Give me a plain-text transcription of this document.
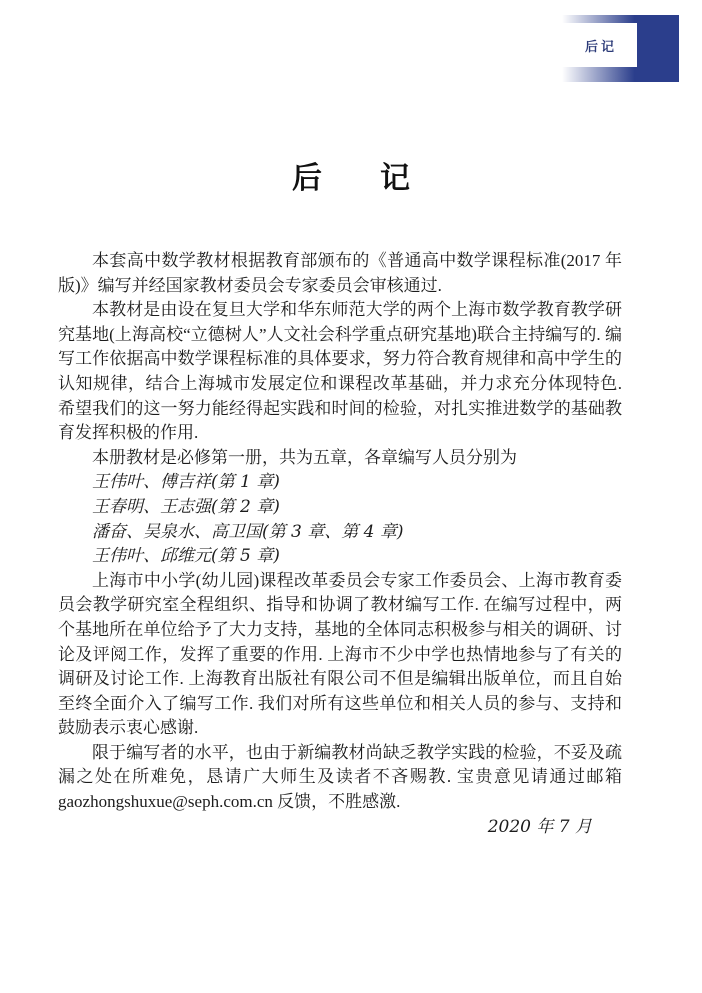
后记
后 记

本套高中数学教材根据教育部颁布的《普通高中数学课程标准(2017 年版)》编写并经国家教材委员会专家委员会审核通过.

本教材是由设在复旦大学和华东师范大学的两个上海市数学教育教学研究基地(上海高校“立德树人”人文社会科学重点研究基地)联合主持编写的. 编写工作依据高中数学课程标准的具体要求，努力符合教育规律和高中学生的认知规律，结合上海城市发展定位和课程改革基础，并力求充分体现特色. 希望我们的这一努力能经得起实践和时间的检验，对扎实推进数学的基础教育发挥积极的作用.

本册教材是必修第一册，共为五章，各章编写人员分别为

王伟叶、傅吉祥(第 1 章)

王春明、王志强(第 2 章)

潘奋、吴泉水、高卫国(第 3 章、第 4 章)

王伟叶、邱维元(第 5 章)

上海市中小学(幼儿园)课程改革委员会专家工作委员会、上海市教育委员会教学研究室全程组织、指导和协调了教材编写工作. 在编写过程中，两个基地所在单位给予了大力支持，基地的全体同志积极参与相关的调研、讨论及评阅工作，发挥了重要的作用. 上海市不少中学也热情地参与了有关的调研及讨论工作. 上海教育出版社有限公司不但是编辑出版单位，而且自始至终全面介入了编写工作. 我们对所有这些单位和相关人员的参与、支持和鼓励表示衷心感谢.

限于编写者的水平，也由于新编教材尚缺乏教学实践的检验，不妥及疏漏之处在所难免，恳请广大师生及读者不吝赐教. 宝贵意见请通过邮箱 gaozhongshuxue@seph.com.cn 反馈，不胜感激.

2020 年 7 月
